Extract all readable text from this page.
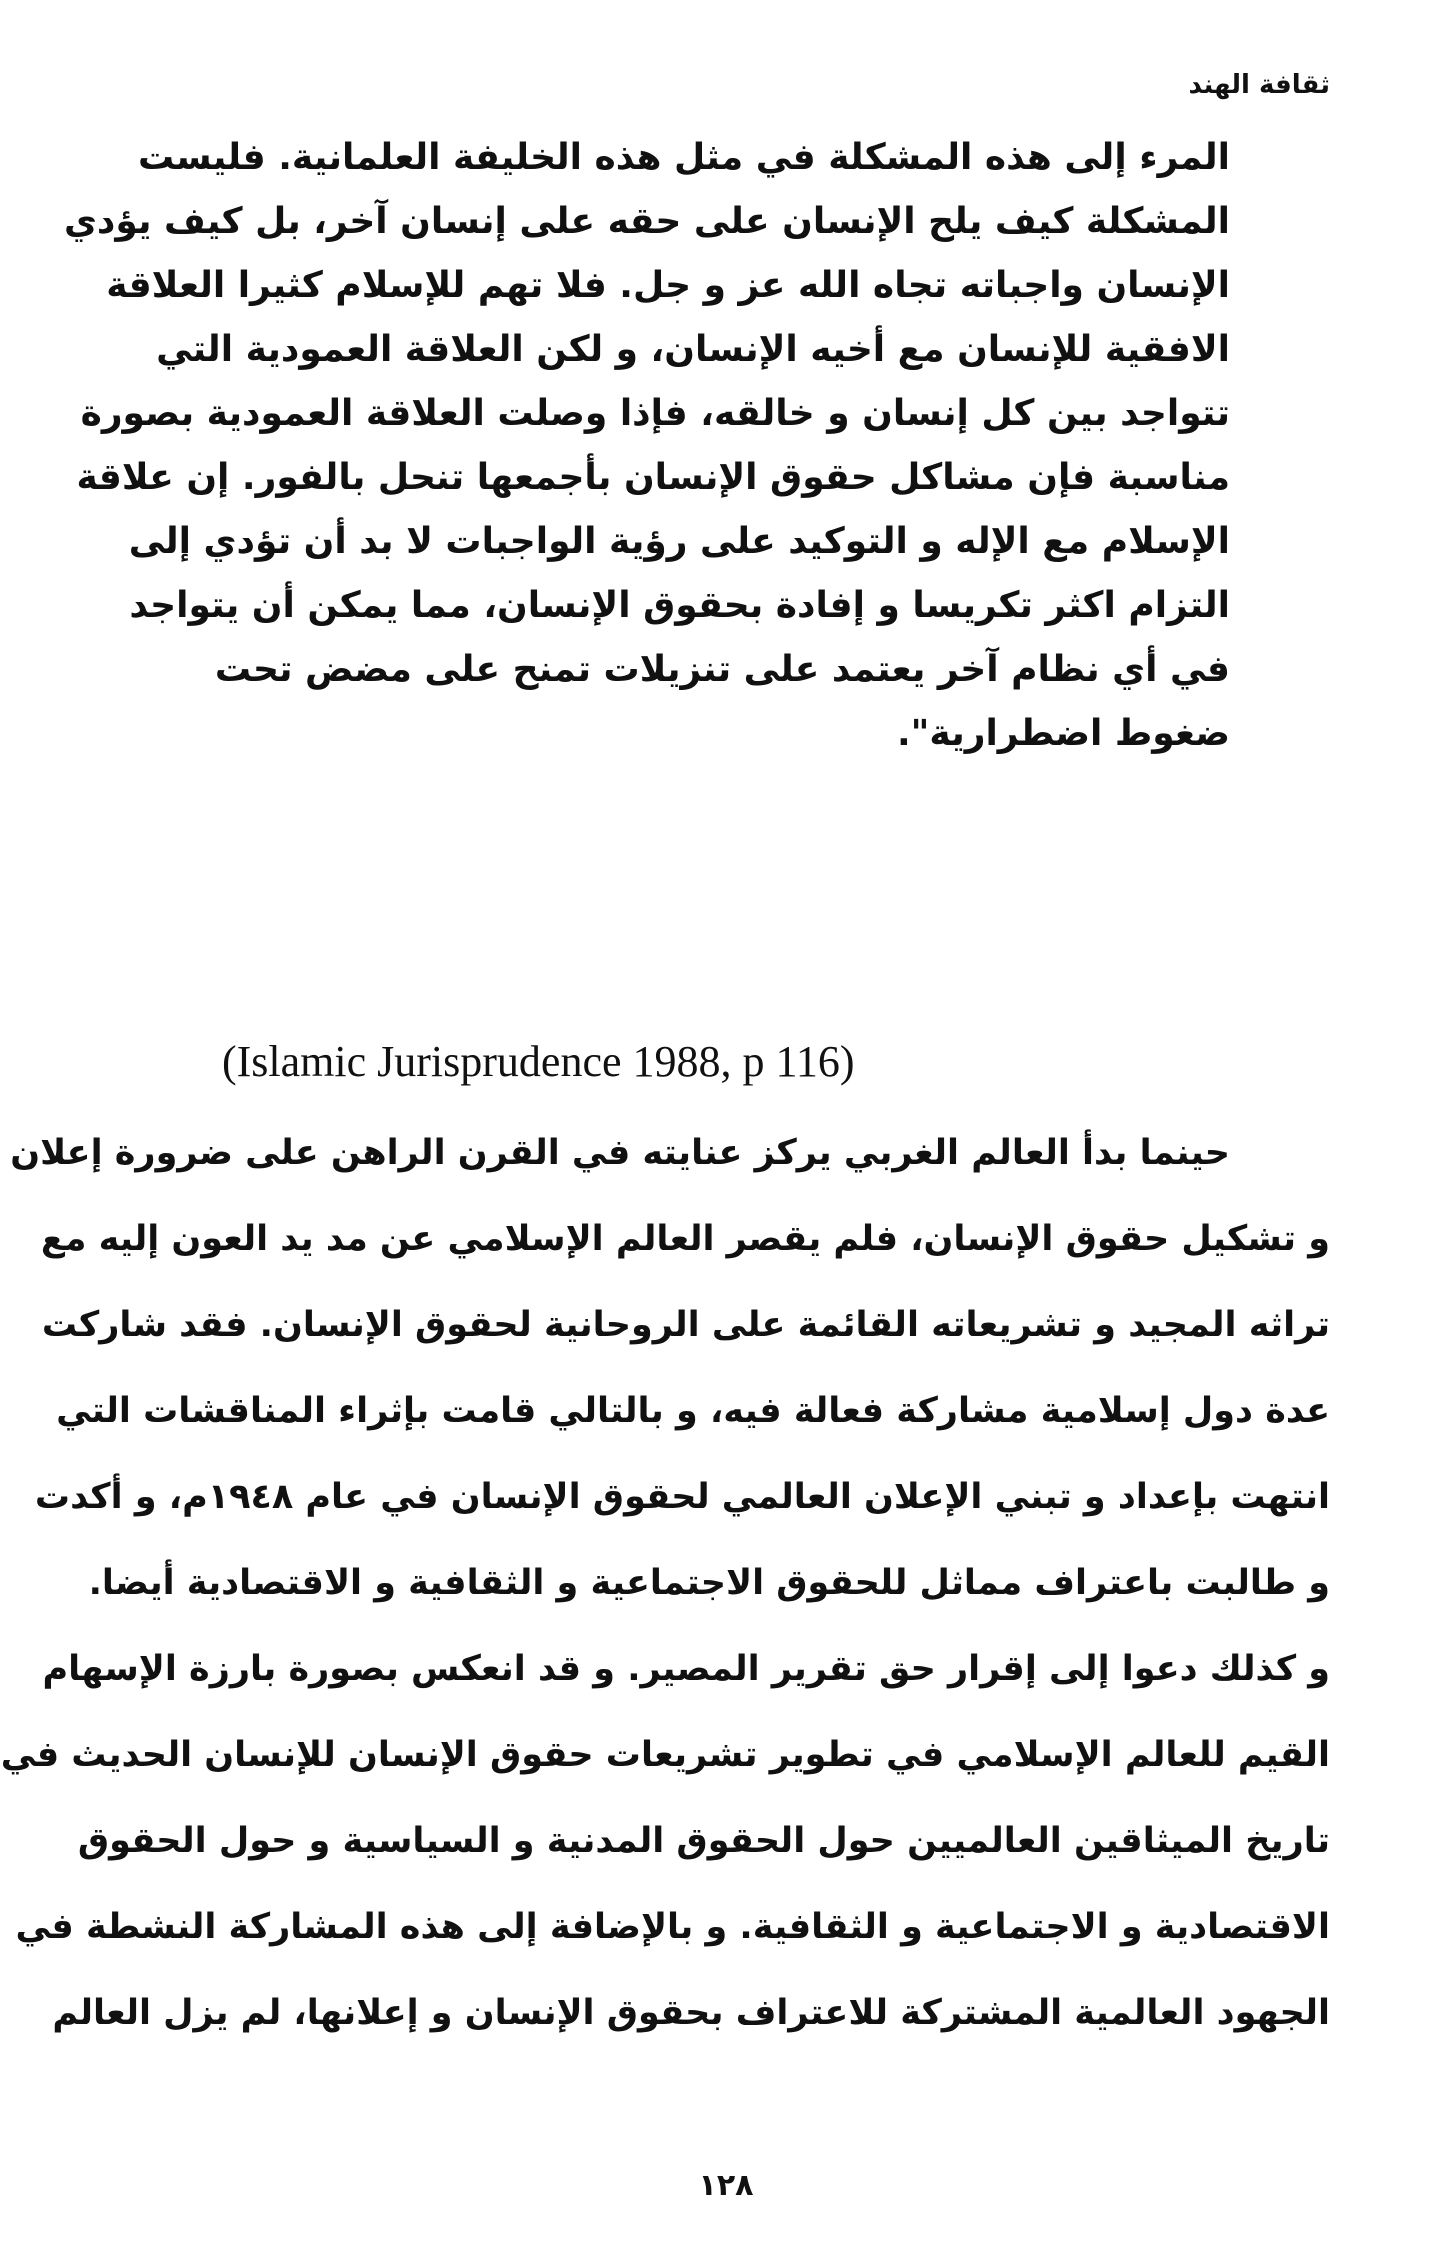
ثقافة الهند
المرء إلى هذه المشكلة في مثل هذه الخليفة العلمانية. فليست
المشكلة كيف يلح الإنسان على حقه على إنسان آخر، بل كيف يؤدي
الإنسان واجباته تجاه الله عز و جل. فلا تهم للإسلام كثيرا العلاقة
الافقية للإنسان مع أخيه الإنسان، و لكن العلاقة العمودية التي
تتواجد بين كل إنسان و خالقه، فإذا وصلت العلاقة العمودية بصورة
مناسبة فإن مشاكل حقوق الإنسان بأجمعها تنحل بالفور. إن علاقة
الإسلام مع الإله و التوكيد على رؤية الواجبات لا بد أن تؤدي إلى
التزام اكثر تكريسا و إفادة بحقوق الإنسان، مما يمكن أن يتواجد
في أي نظام آخر يعتمد على تنزيلات تمنح على مضض تحت
ضغوط اضطرارية".
(Islamic Jurisprudence 1988, p 116)
حينما بدأ العالم الغربي يركز عنايته في القرن الراهن على ضرورة إعلان
و تشكيل حقوق الإنسان، فلم يقصر العالم الإسلامي عن مد يد العون إليه مع
تراثه المجيد و تشريعاته القائمة على الروحانية لحقوق الإنسان. فقد شاركت
عدة دول إسلامية مشاركة فعالة فيه، و بالتالي قامت بإثراء المناقشات التي
انتهت بإعداد و تبني الإعلان العالمي لحقوق الإنسان في عام ١٩٤٨م، و أكدت
و طالبت باعتراف مماثل للحقوق الاجتماعية و الثقافية و الاقتصادية أيضا.
و كذلك دعوا إلى إقرار حق تقرير المصير. و قد انعكس بصورة بارزة الإسهام
القيم للعالم الإسلامي في تطوير تشريعات حقوق الإنسان للإنسان الحديث في
تاريخ الميثاقين العالميين حول الحقوق المدنية و السياسية و حول الحقوق
الاقتصادية و الاجتماعية و الثقافية. و بالإضافة إلى هذه المشاركة النشطة في
الجهود العالمية المشتركة للاعتراف بحقوق الإنسان و إعلانها، لم يزل العالم
١٢٨
